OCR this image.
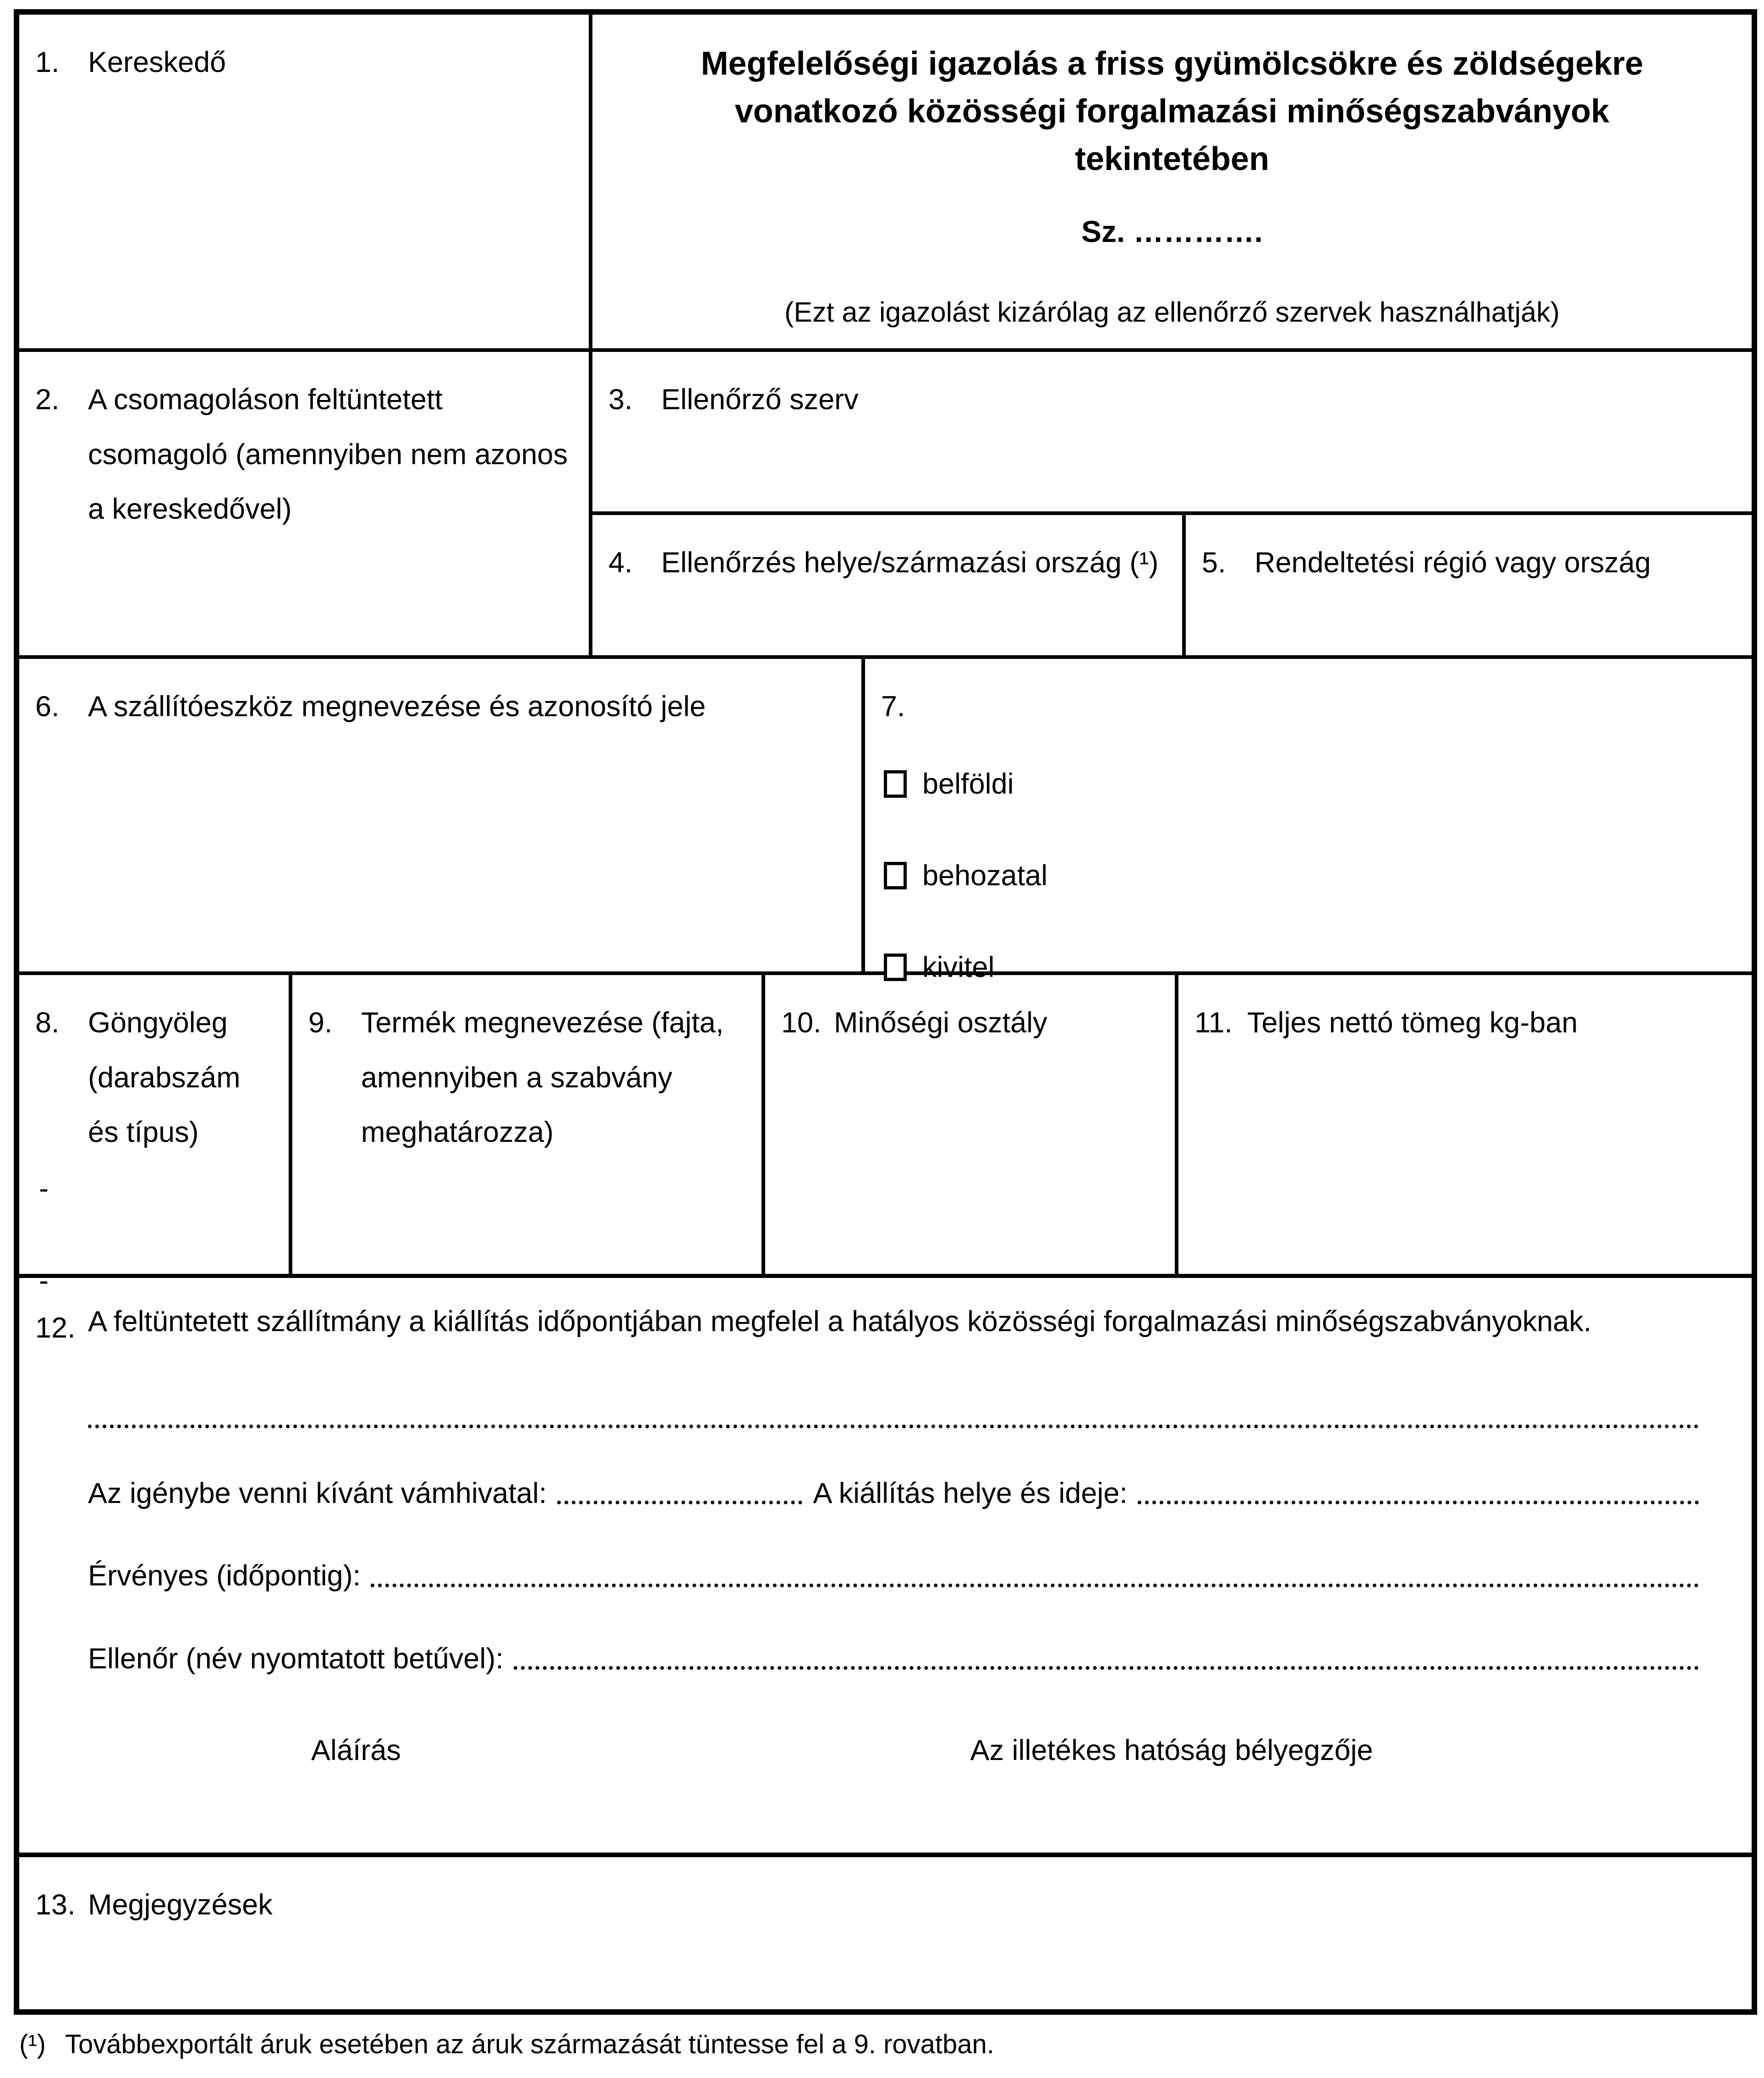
1. Kereskedő	Megfelelőségi igazolás a friss gyümölcsökre és zöldségekre
vonatkozó közösségi forgalmazási minőségszabványok
tekintetében
Sz. ………….
(Ezt az igazolást kizárólag az ellenőrző szervek használhatják)
2. A csomagoláson feltüntetett csomagoló (amennyiben nem azonos a kereskedővel)
3. Ellenőrző szerv
4. Ellenőrzés helye/származási ország (¹) 5. Rendeltetési régió vagy ország
6. A szállítóeszköz megnevezése és azonosító jele	7.
belföldi
behozatal
kivitel
8. Göngyöleg (darabszám és típus)
-
-
9. Termék megnevezése (fajta, amennyiben a szabvány meghatározza)
10. Minőségi osztály	11. Teljes nettó tömeg kg-ban
12. A feltüntetett szállítmány a kiállítás időpontjában megfelel a hatályos közösségi forgalmazási minőségszabványoknak.
Az igénybe venni kívánt vámhivatal:	A kiállítás helye és ideje:
Érvényes (időpontig):
Ellenőr (név nyomtatott betűvel):
Aláírás	Az illetékes hatóság bélyegzője
13. Megjegyzések
(¹) Továbbexportált áruk esetében az áruk származását tüntesse fel a 9. rovatban.
